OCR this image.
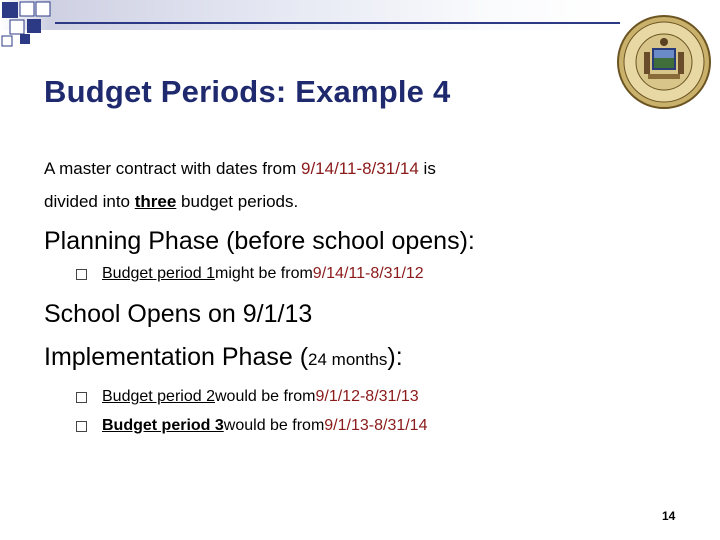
Budget Periods: Example 4
A master contract with dates from 9/14/11-8/31/14 is
divided into three budget periods.
Planning Phase (before school opens):
Budget period 1 might be from 9/14/11-8/31/12
School Opens on 9/1/13
Implementation Phase (24 months):
Budget period 2 would be from 9/1/12-8/31/13
Budget period 3 would be from 9/1/13-8/31/14
14
